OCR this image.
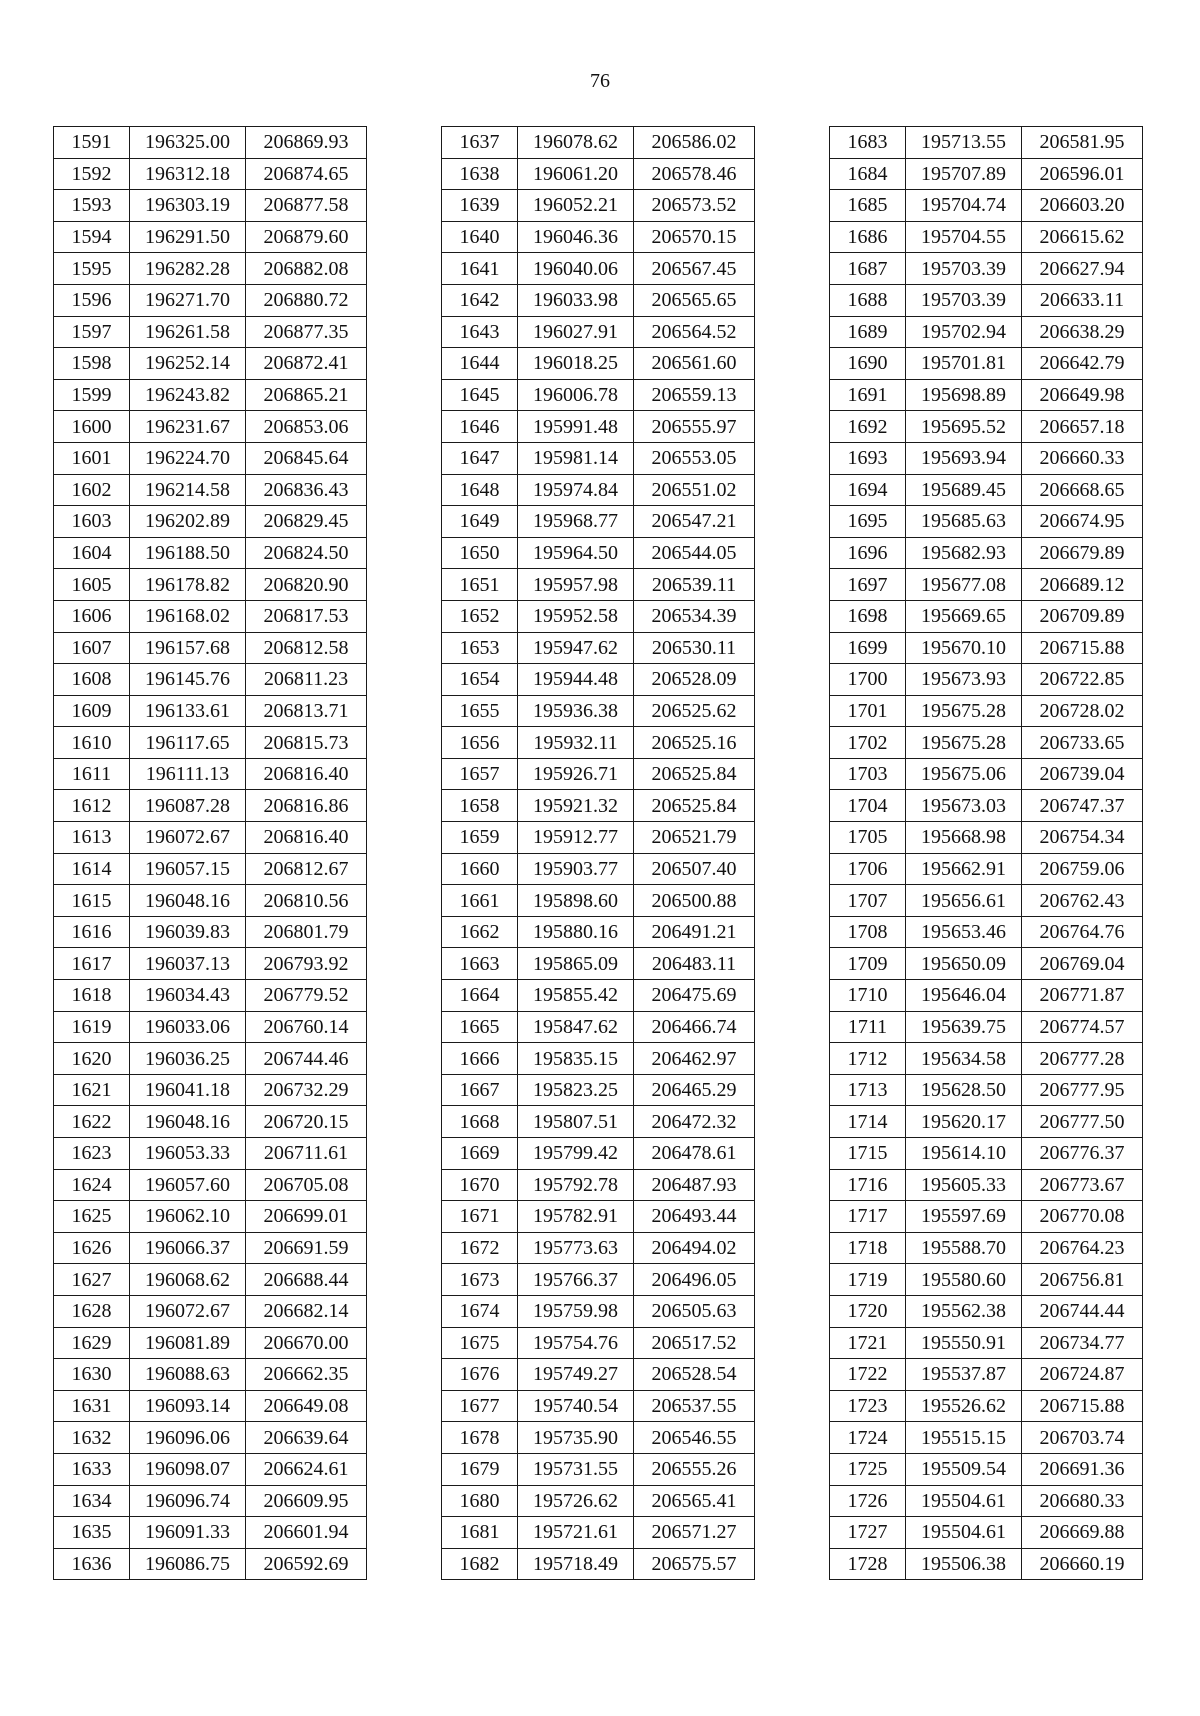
76
1591	196325.00	206869.93
1592	196312.18	206874.65
1593	196303.19	206877.58
1594	196291.50	206879.60
1595	196282.28	206882.08
1596	196271.70	206880.72
1597	196261.58	206877.35
1598	196252.14	206872.41
1599	196243.82	206865.21
1600	196231.67	206853.06
1601	196224.70	206845.64
1602	196214.58	206836.43
1603	196202.89	206829.45
1604	196188.50	206824.50
1605	196178.82	206820.90
1606	196168.02	206817.53
1607	196157.68	206812.58
1608	196145.76	206811.23
1609	196133.61	206813.71
1610	196117.65	206815.73
1611	196111.13	206816.40
1612	196087.28	206816.86
1613	196072.67	206816.40
1614	196057.15	206812.67
1615	196048.16	206810.56
1616	196039.83	206801.79
1617	196037.13	206793.92
1618	196034.43	206779.52
1619	196033.06	206760.14
1620	196036.25	206744.46
1621	196041.18	206732.29
1622	196048.16	206720.15
1623	196053.33	206711.61
1624	196057.60	206705.08
1625	196062.10	206699.01
1626	196066.37	206691.59
1627	196068.62	206688.44
1628	196072.67	206682.14
1629	196081.89	206670.00
1630	196088.63	206662.35
1631	196093.14	206649.08
1632	196096.06	206639.64
1633	196098.07	206624.61
1634	196096.74	206609.95
1635	196091.33	206601.94
1636	196086.75	206592.69
1637	196078.62	206586.02
1638	196061.20	206578.46
1639	196052.21	206573.52
1640	196046.36	206570.15
1641	196040.06	206567.45
1642	196033.98	206565.65
1643	196027.91	206564.52
1644	196018.25	206561.60
1645	196006.78	206559.13
1646	195991.48	206555.97
1647	195981.14	206553.05
1648	195974.84	206551.02
1649	195968.77	206547.21
1650	195964.50	206544.05
1651	195957.98	206539.11
1652	195952.58	206534.39
1653	195947.62	206530.11
1654	195944.48	206528.09
1655	195936.38	206525.62
1656	195932.11	206525.16
1657	195926.71	206525.84
1658	195921.32	206525.84
1659	195912.77	206521.79
1660	195903.77	206507.40
1661	195898.60	206500.88
1662	195880.16	206491.21
1663	195865.09	206483.11
1664	195855.42	206475.69
1665	195847.62	206466.74
1666	195835.15	206462.97
1667	195823.25	206465.29
1668	195807.51	206472.32
1669	195799.42	206478.61
1670	195792.78	206487.93
1671	195782.91	206493.44
1672	195773.63	206494.02
1673	195766.37	206496.05
1674	195759.98	206505.63
1675	195754.76	206517.52
1676	195749.27	206528.54
1677	195740.54	206537.55
1678	195735.90	206546.55
1679	195731.55	206555.26
1680	195726.62	206565.41
1681	195721.61	206571.27
1682	195718.49	206575.57
1683	195713.55	206581.95
1684	195707.89	206596.01
1685	195704.74	206603.20
1686	195704.55	206615.62
1687	195703.39	206627.94
1688	195703.39	206633.11
1689	195702.94	206638.29
1690	195701.81	206642.79
1691	195698.89	206649.98
1692	195695.52	206657.18
1693	195693.94	206660.33
1694	195689.45	206668.65
1695	195685.63	206674.95
1696	195682.93	206679.89
1697	195677.08	206689.12
1698	195669.65	206709.89
1699	195670.10	206715.88
1700	195673.93	206722.85
1701	195675.28	206728.02
1702	195675.28	206733.65
1703	195675.06	206739.04
1704	195673.03	206747.37
1705	195668.98	206754.34
1706	195662.91	206759.06
1707	195656.61	206762.43
1708	195653.46	206764.76
1709	195650.09	206769.04
1710	195646.04	206771.87
1711	195639.75	206774.57
1712	195634.58	206777.28
1713	195628.50	206777.95
1714	195620.17	206777.50
1715	195614.10	206776.37
1716	195605.33	206773.67
1717	195597.69	206770.08
1718	195588.70	206764.23
1719	195580.60	206756.81
1720	195562.38	206744.44
1721	195550.91	206734.77
1722	195537.87	206724.87
1723	195526.62	206715.88
1724	195515.15	206703.74
1725	195509.54	206691.36
1726	195504.61	206680.33
1727	195504.61	206669.88
1728	195506.38	206660.19
